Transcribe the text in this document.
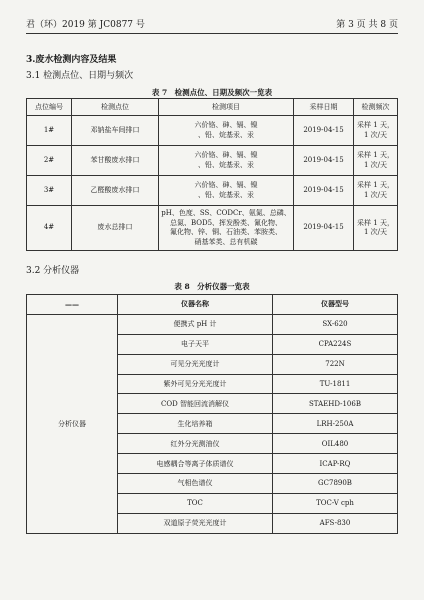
君（环）2019 第 JC0877 号	第 3 页 共 8 页
3.废水检测内容及结果
3.1 检测点位、日期与频次
表 7　检测点位、日期及频次一览表
点位编号	检测点位	检测项目	采样日期	检测频次
1#	邓钠盐车间排口	六价铬、砷、镉、镍
、铅、烷基汞、汞	2019-04-15	采样 1 天，1 次/天
2#	苯甘酸废水排口	六价铬、砷、镉、镍
、铅、烷基汞、汞	2019-04-15	采样 1 天，1 次/天
3#	乙醛酸废水排口	六价铬、砷、镉、镍
、铅、烷基汞、汞	2019-04-15	采样 1 天，1 次/天
4#	废水总排口	pH、色度、SS、CODCr、氨氮、总磷、
总氮、BOD5、挥发酚类、氰化物、
氟化物、锌、铜、石油类、苯胺类、
硝基苯类、总有机碳	2019-04-15	采样 1 天，1 次/天
3.2 分析仪器
表 8　分析仪器一览表
——	仪器名称	仪器型号
分析仪器	便携式 pH 计	SX-620
	电子天平	CPA224S
	可见分光光度计	722N
	紫外可见分光光度计	TU-1811
	COD 智能回流消解仪	STAEHD-106B
	生化培养箱	LRH-250A
	红外分光测油仪	OIL480
	电感耦合等离子体质谱仪	ICAP-RQ
	气相色谱仪	GC7890B
	TOC	TOC-V cph
	双道原子荧光光度计	AFS-830
